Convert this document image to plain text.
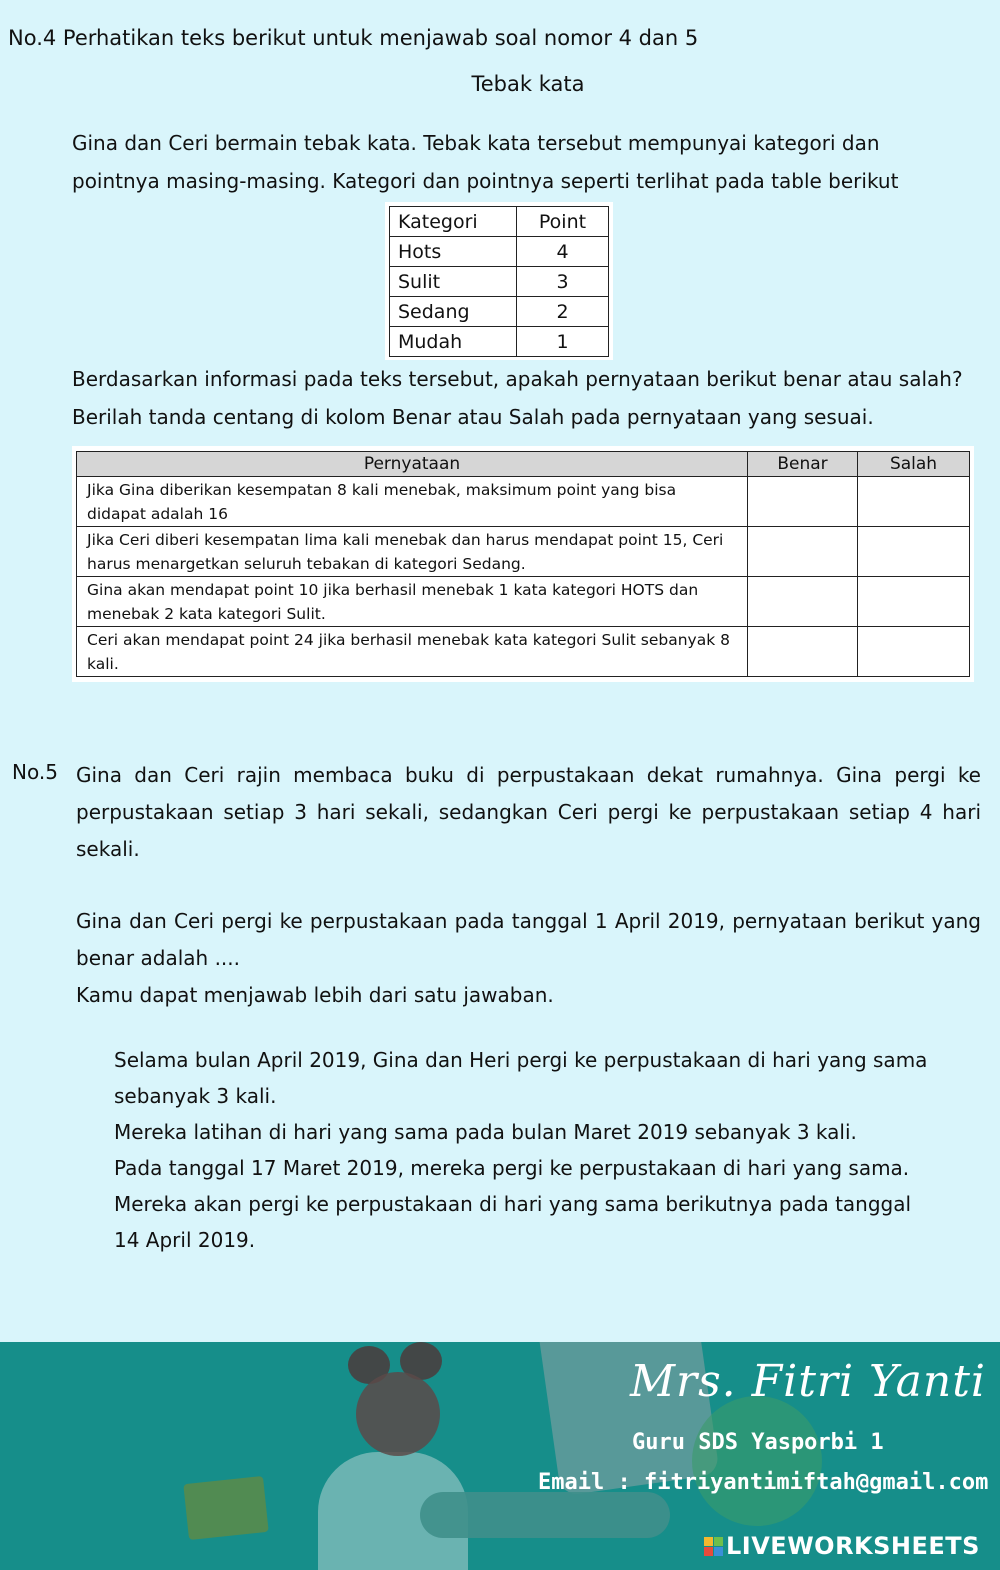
No.4 Perhatikan teks berikut untuk menjawab soal nomor 4 dan 5
Tebak kata
Gina dan Ceri bermain tebak kata. Tebak kata tersebut mempunyai kategori dan pointnya masing-masing. Kategori dan pointnya seperti terlihat pada table berikut
Kategori	Point
Hots	4
Sulit	3
Sedang	2
Mudah	1
Berdasarkan informasi pada teks tersebut, apakah pernyataan berikut benar atau salah? Berilah tanda centang di kolom Benar atau Salah pada pernyataan yang sesuai.
Pernyataan	Benar	Salah
Jika Gina diberikan kesempatan 8 kali menebak, maksimum point yang bisa didapat adalah 16		
Jika Ceri diberi kesempatan lima kali menebak dan harus mendapat point 15, Ceri harus menargetkan seluruh tebakan di kategori Sedang.		
Gina akan mendapat point 10 jika berhasil menebak 1 kata kategori HOTS dan menebak 2 kata kategori Sulit.		
Ceri akan mendapat point 24 jika berhasil menebak kata kategori Sulit sebanyak 8 kali.		
No.5 Gina dan Ceri rajin membaca buku di perpustakaan dekat rumahnya. Gina pergi ke perpustakaan setiap 3 hari sekali, sedangkan Ceri pergi ke perpustakaan setiap 4 hari sekali.
Gina dan Ceri pergi ke perpustakaan pada tanggal 1 April 2019, pernyataan berikut yang benar adalah ....
Kamu dapat menjawab lebih dari satu jawaban.
Selama bulan April 2019, Gina dan Heri pergi ke perpustakaan di hari yang sama sebanyak 3 kali.
Mereka latihan di hari yang sama pada bulan Maret 2019 sebanyak 3 kali.
Pada tanggal 17 Maret 2019, mereka pergi ke perpustakaan di hari yang sama.
Mereka akan pergi ke perpustakaan di hari yang sama berikutnya pada tanggal 14 April 2019.
Mrs. Fitri Yanti
Guru SDS Yasporbi 1
Email : fitriyantimiftah@gmail.com
LIVEWORKSHEETS
